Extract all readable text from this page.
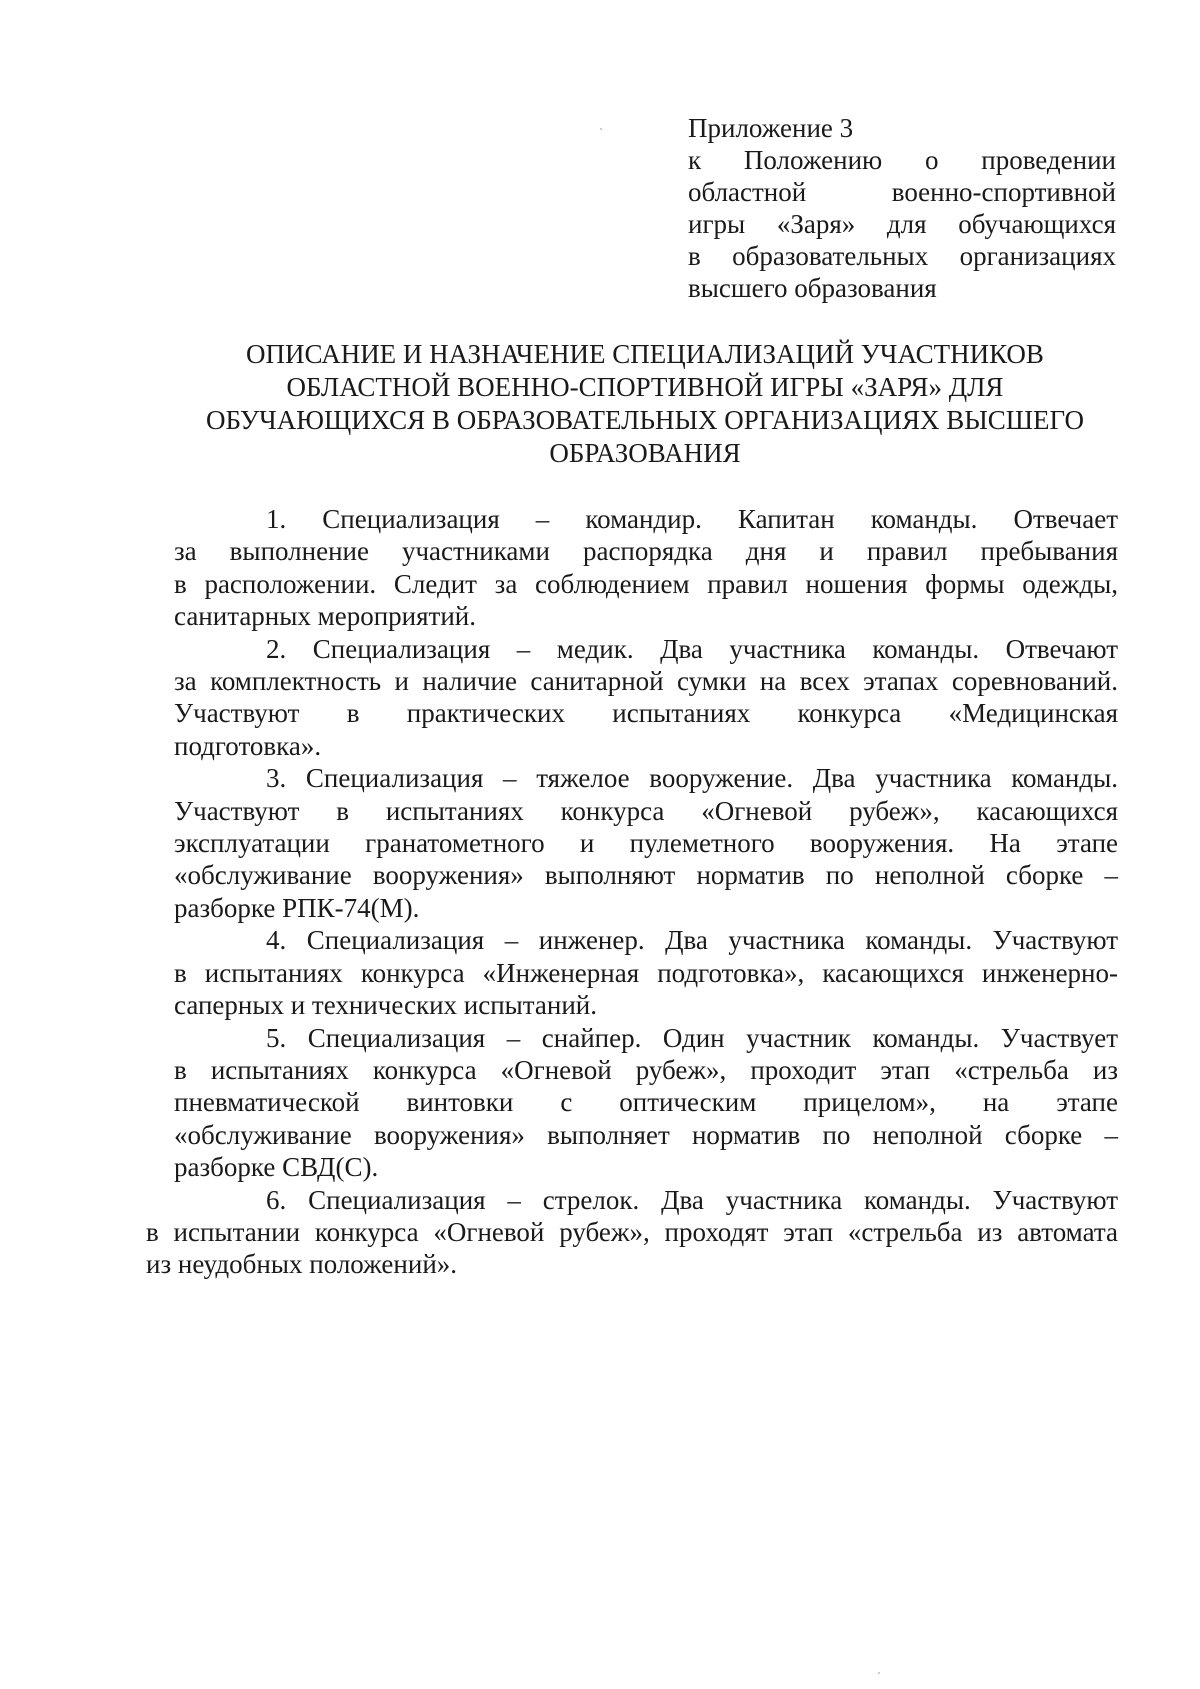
Приложение 3
к Положению о проведении
областной военно-спортивной
игры «Заря» для обучающихся
в образовательных организациях
высшего образования
ОПИСАНИЕ И НАЗНАЧЕНИЕ СПЕЦИАЛИЗАЦИЙ УЧАСТНИКОВ
ОБЛАСТНОЙ ВОЕННО-СПОРТИВНОЙ ИГРЫ «ЗАРЯ» ДЛЯ
ОБУЧАЮЩИХСЯ В ОБРАЗОВАТЕЛЬНЫХ ОРГАНИЗАЦИЯХ ВЫСШЕГО
ОБРАЗОВАНИЯ
1. Специализация – командир. Капитан команды. Отвечает
за выполнение участниками распорядка дня и правил пребывания
в расположении. Следит за соблюдением правил ношения формы одежды,
санитарных мероприятий.
2. Специализация – медик. Два участника команды. Отвечают
за комплектность и наличие санитарной сумки на всех этапах соревнований.
Участвуют в практических испытаниях конкурса «Медицинская
подготовка».
3. Специализация – тяжелое вооружение. Два участника команды.
Участвуют в испытаниях конкурса «Огневой рубеж», касающихся
эксплуатации гранатометного и пулеметного вооружения. На этапе
«обслуживание вооружения» выполняют норматив по неполной сборке –
разборке РПК-74(М).
4. Специализация – инженер. Два участника команды. Участвуют
в испытаниях конкурса «Инженерная подготовка», касающихся инженерно-
саперных и технических испытаний.
5. Специализация – снайпер. Один участник команды. Участвует
в испытаниях конкурса «Огневой рубеж», проходит этап «стрельба из
пневматической винтовки с оптическим прицелом», на этапе
«обслуживание вооружения» выполняет норматив по неполной сборке –
разборке СВД(С).
6. Специализация – стрелок. Два участника команды. Участвуют
в испытании конкурса «Огневой рубеж», проходят этап «стрельба из автомата
из неудобных положений».
